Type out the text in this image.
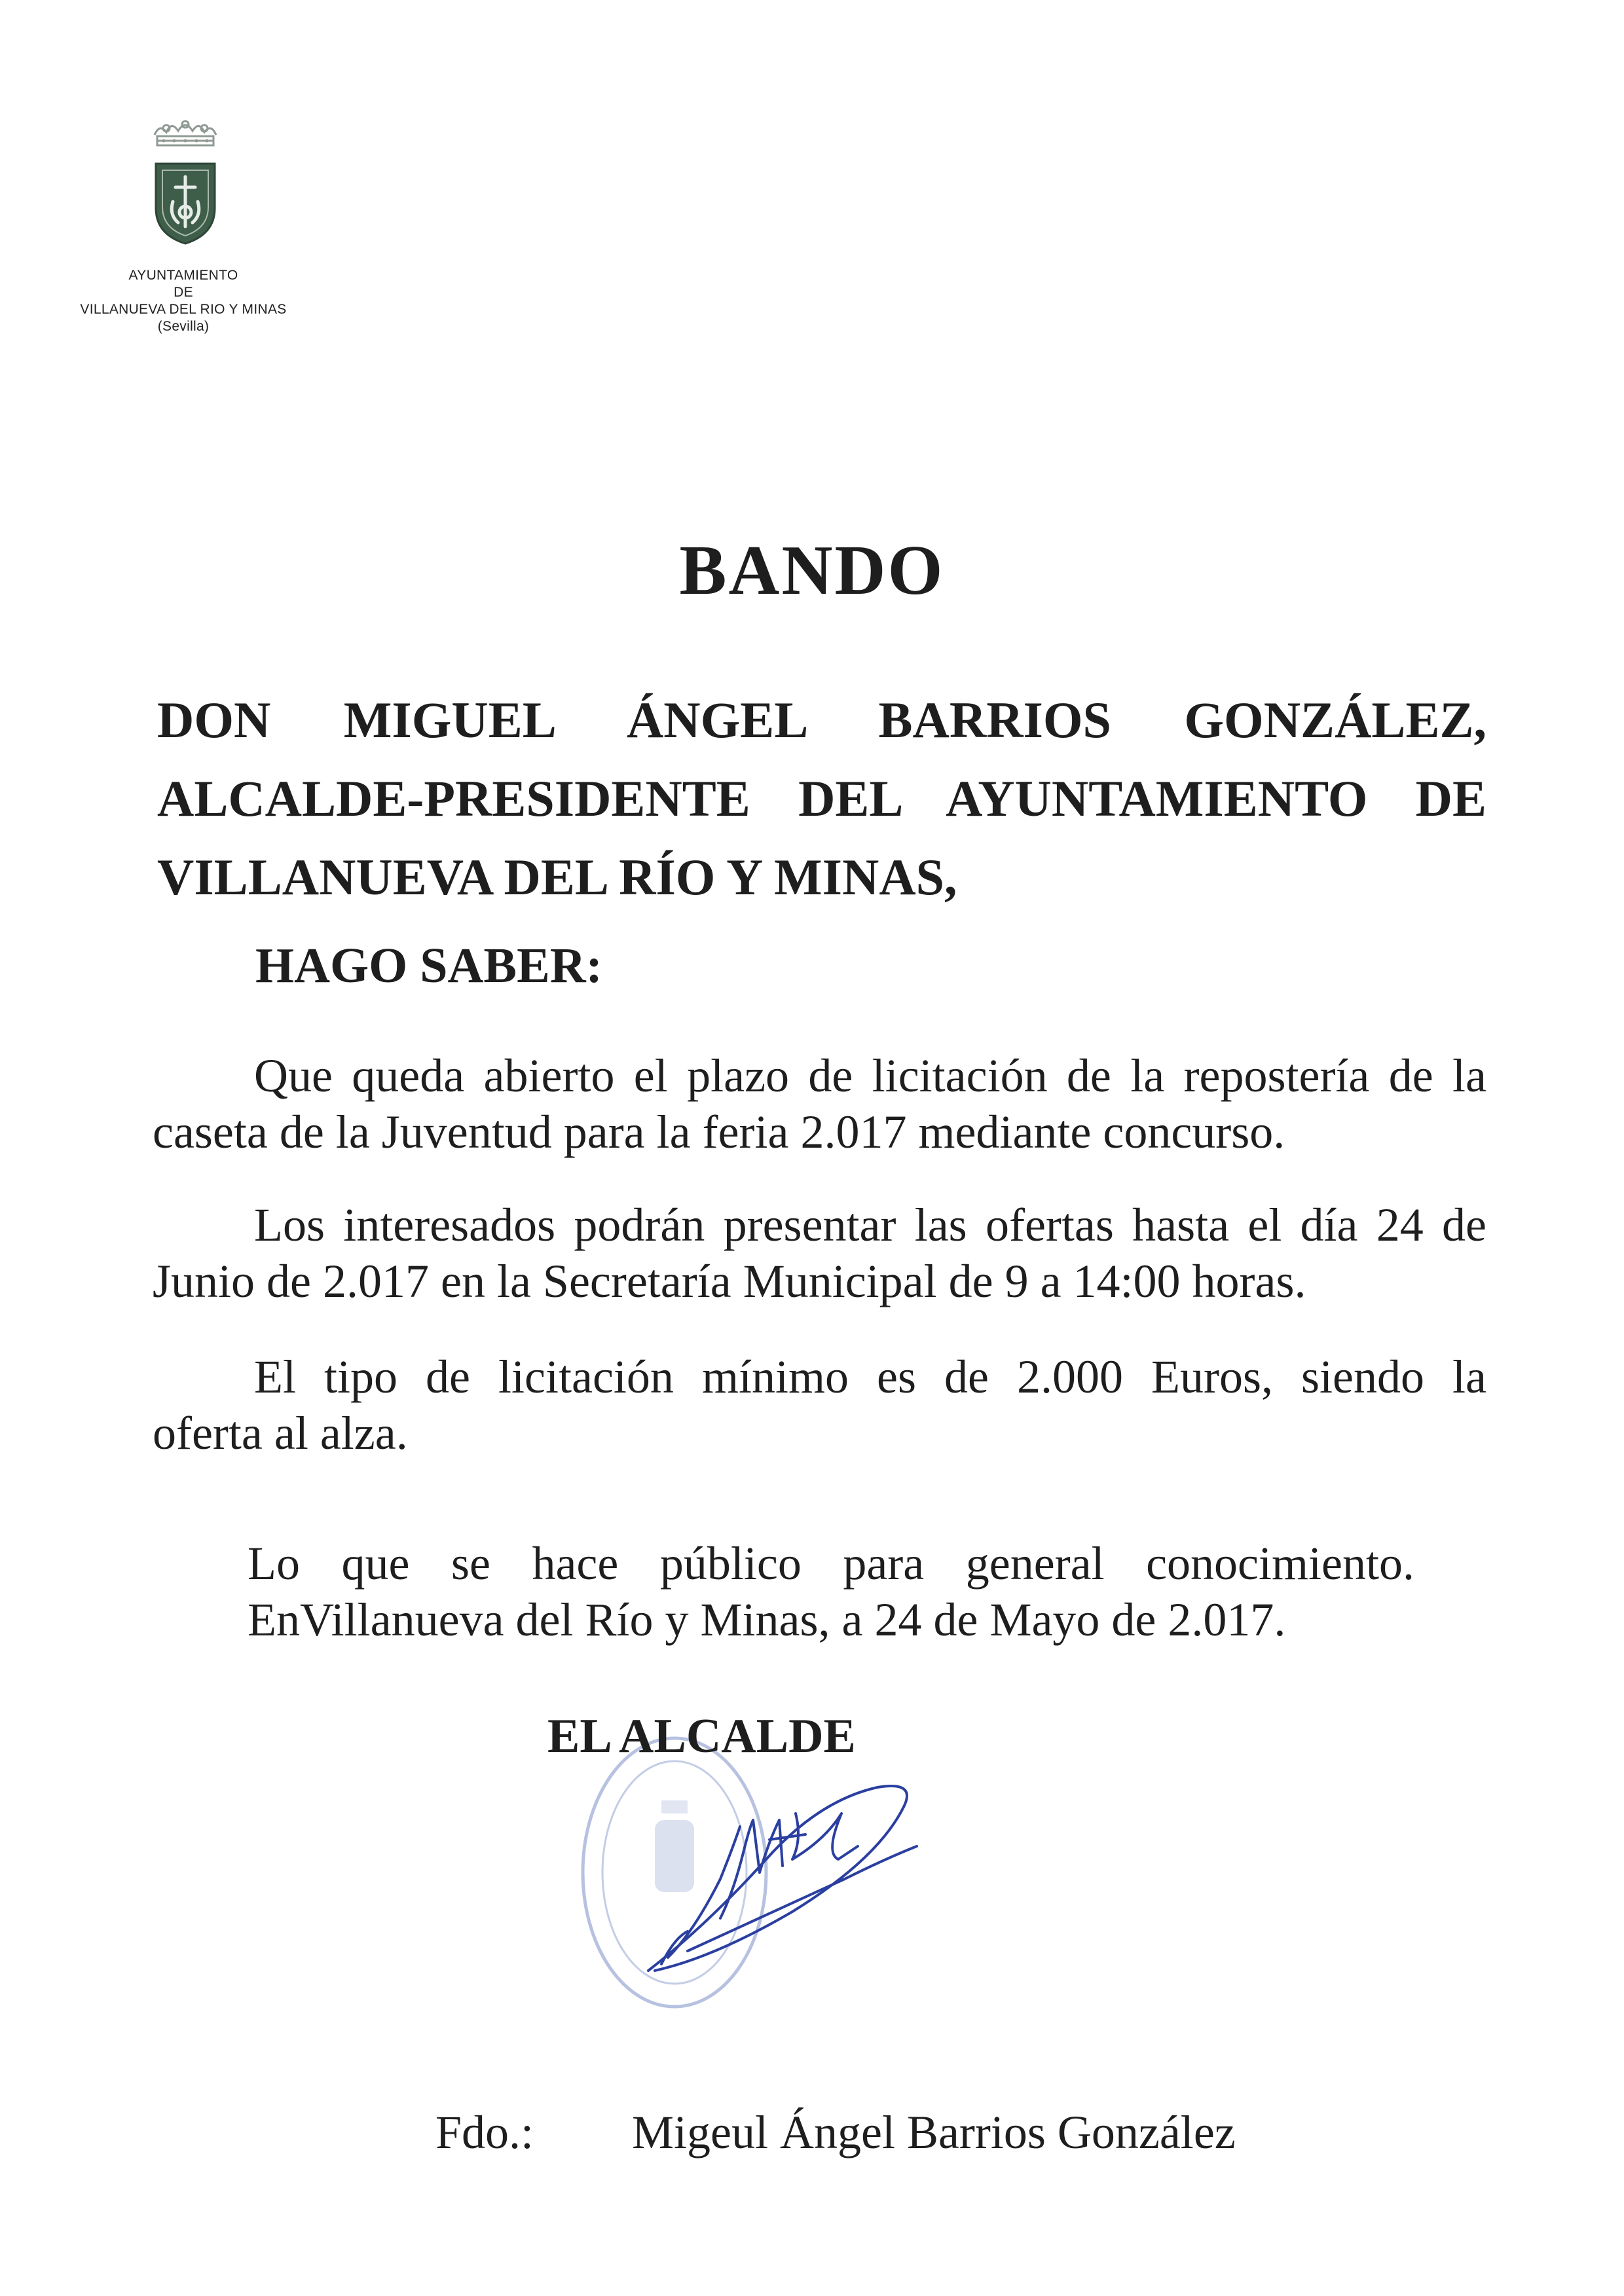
AYUNTAMIENTO
DE
VILLANUEVA DEL RIO Y MINAS
(Sevilla)
BANDO
DON MIGUEL ÁNGEL BARRIOS GONZÁLEZ,
ALCALDE-PRESIDENTE DEL AYUNTAMIENTO DE
VILLANUEVA DEL RÍO Y MINAS,
HAGO SABER:
Que queda abierto el plazo de licitación de la repostería de la
caseta de la Juventud para la feria 2.017 mediante concurso.
Los interesados podrán presentar las ofertas hasta el día 24 de
Junio de 2.017 en la Secretaría Municipal de 9 a 14:00 horas.
El tipo de licitación mínimo es de 2.000 Euros, siendo la
oferta al alza.
Lo que se hace público para general conocimiento.
EnVillanueva del Río y Minas, a 24 de Mayo de 2.017.
EL ALCALDE
Fdo.: Migeul Ángel Barrios González
